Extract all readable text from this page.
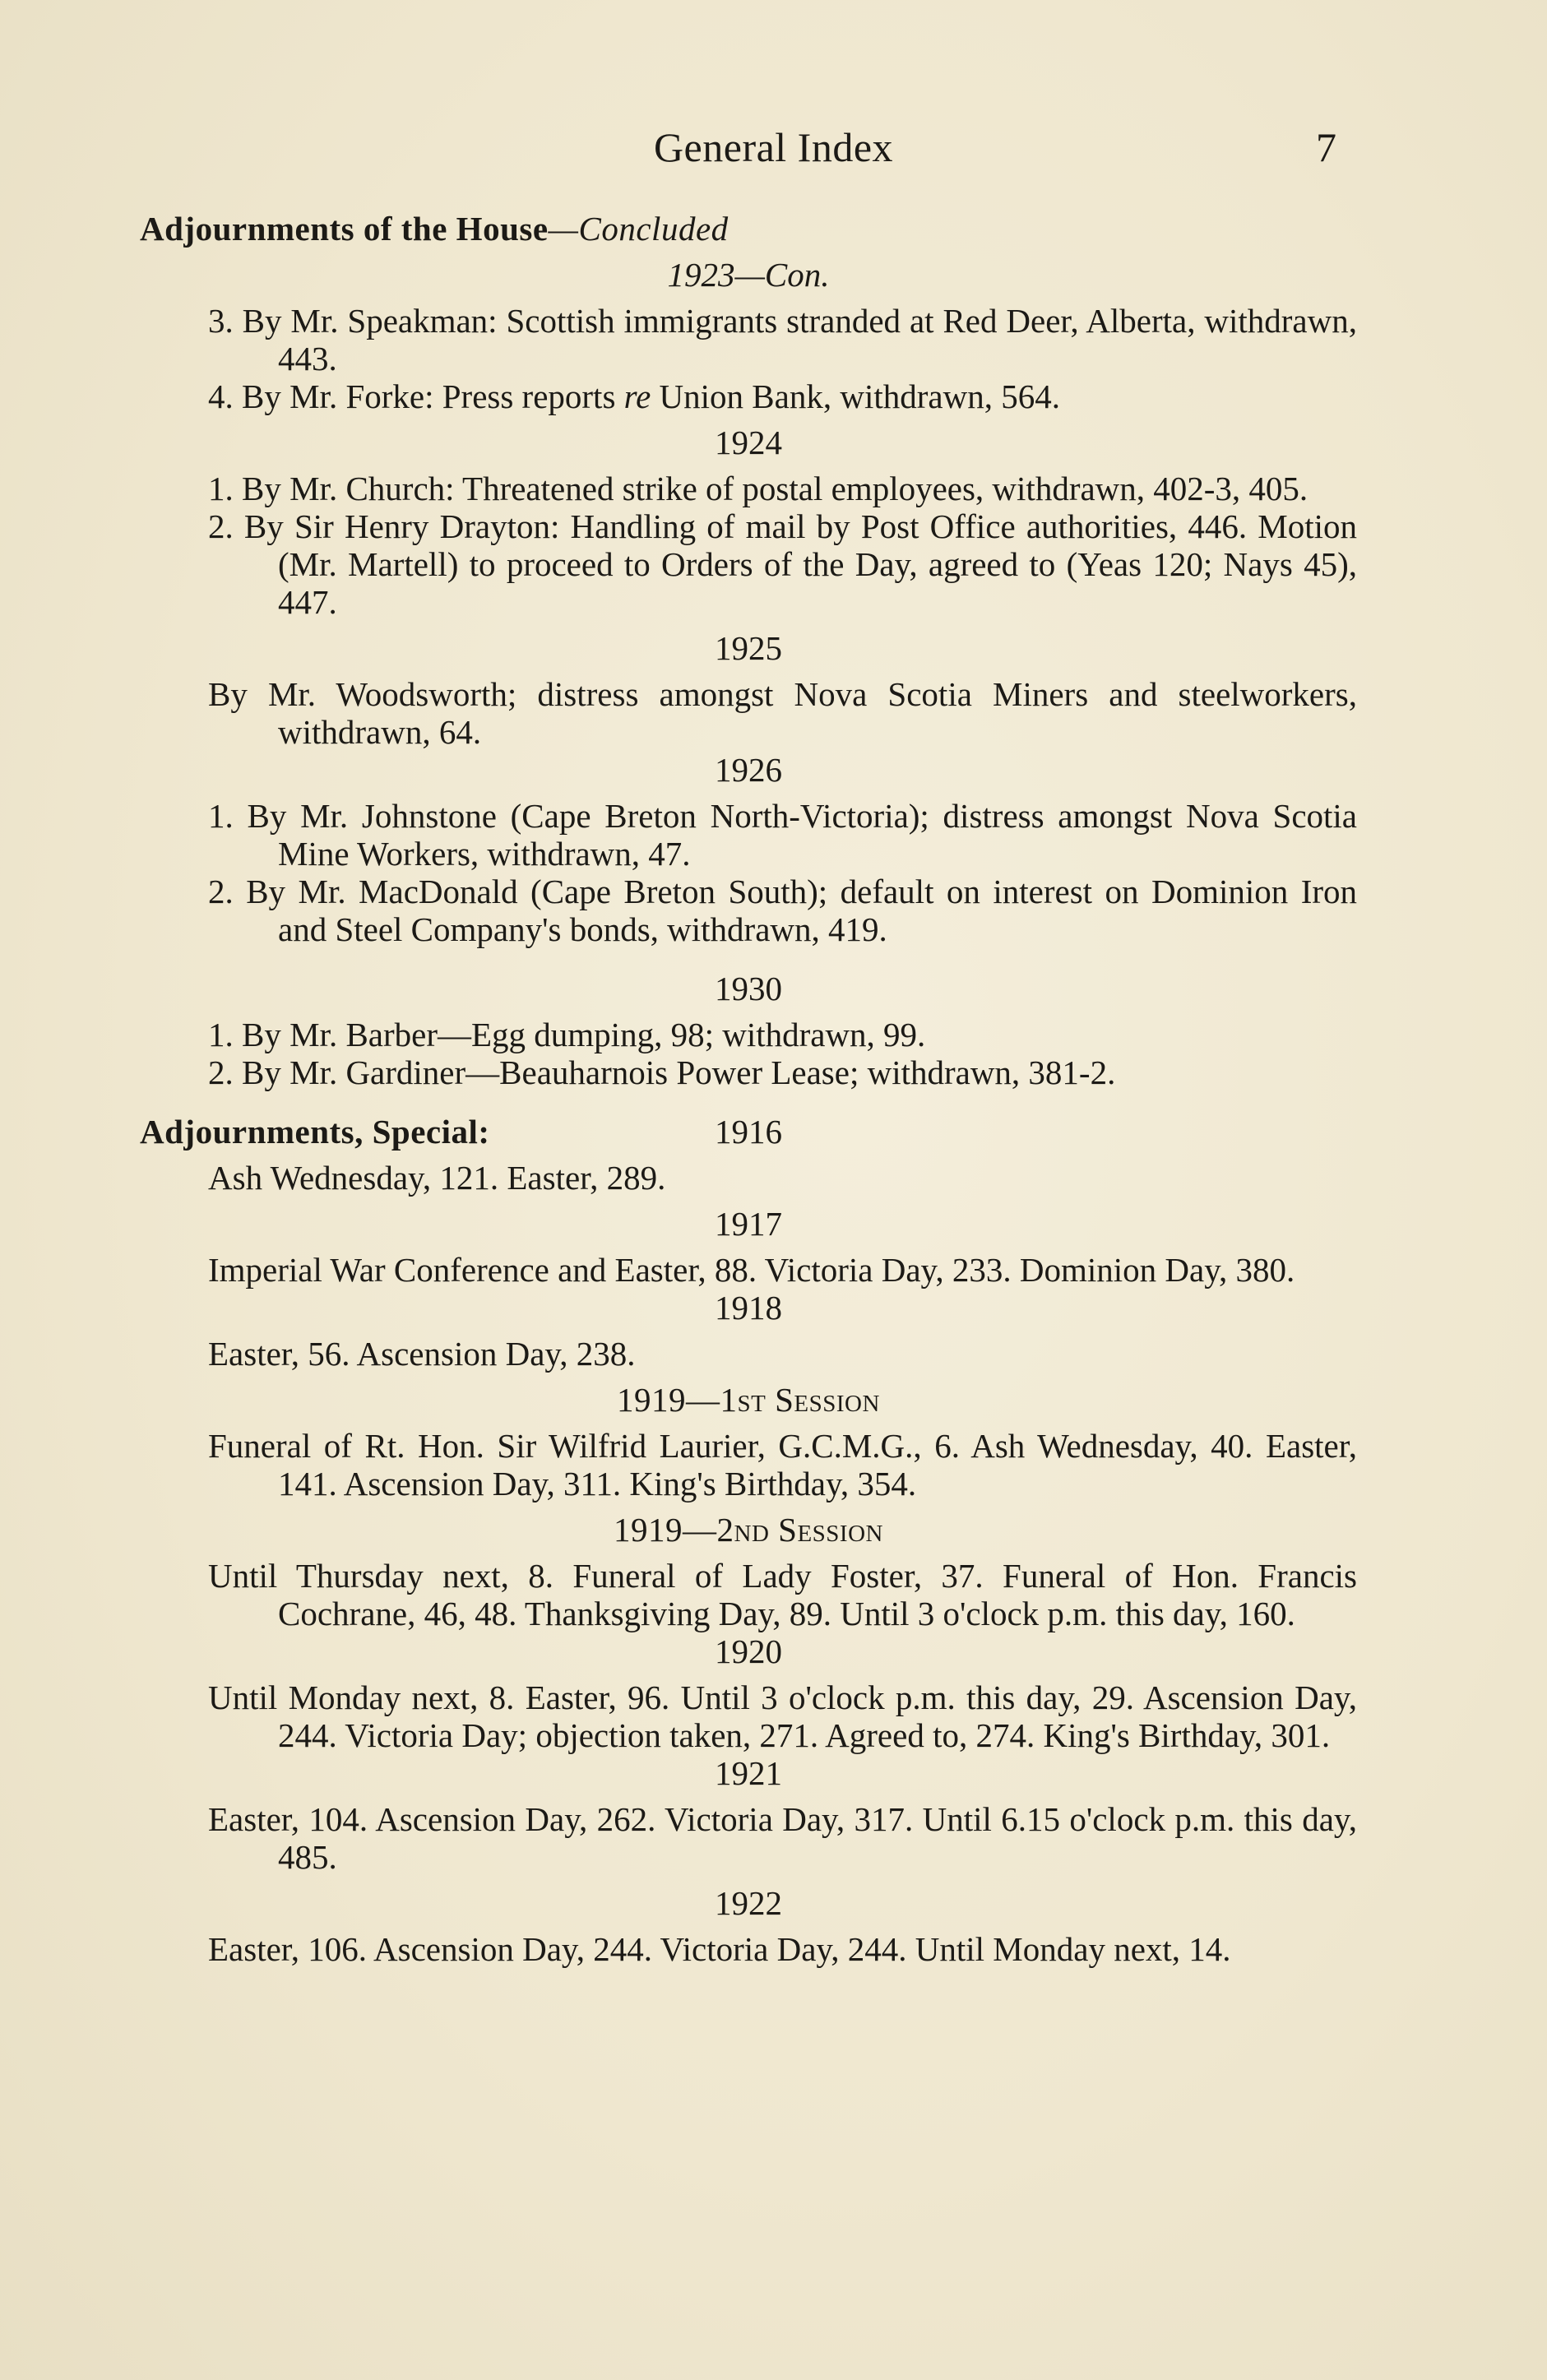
General Index	7
Adjournments of the House—Concluded
1923—Con.
3. By Mr. Speakman: Scottish immigrants stranded at Red Deer, Alberta, withdrawn, 443.
4. By Mr. Forke: Press reports re Union Bank, withdrawn, 564.
1924
1. By Mr. Church: Threatened strike of postal employees, withdrawn, 402-3, 405.
2. By Sir Henry Drayton: Handling of mail by Post Office authorities, 446. Motion (Mr. Martell) to proceed to Orders of the Day, agreed to (Yeas 120; Nays 45), 447.
1925
By Mr. Woodsworth; distress amongst Nova Scotia Miners and steelworkers, withdrawn, 64.
1926
1. By Mr. Johnstone (Cape Breton North-Victoria); distress amongst Nova Scotia Mine Workers, withdrawn, 47.
2. By Mr. MacDonald (Cape Breton South); default on interest on Dominion Iron and Steel Company's bonds, withdrawn, 419.
1930
1. By Mr. Barber—Egg dumping, 98; withdrawn, 99.
2. By Mr. Gardiner—Beauharnois Power Lease; withdrawn, 381-2.
Adjournments, Special:	1916
Ash Wednesday, 121. Easter, 289.
1917
Imperial War Conference and Easter, 88. Victoria Day, 233. Dominion Day, 380.
1918
Easter, 56. Ascension Day, 238.
1919—1st Session
Funeral of Rt. Hon. Sir Wilfrid Laurier, G.C.M.G., 6. Ash Wednesday, 40. Easter, 141. Ascension Day, 311. King's Birthday, 354.
1919—2nd Session
Until Thursday next, 8. Funeral of Lady Foster, 37. Funeral of Hon. Francis Cochrane, 46, 48. Thanksgiving Day, 89. Until 3 o'clock p.m. this day, 160.
1920
Until Monday next, 8. Easter, 96. Until 3 o'clock p.m. this day, 29. Ascension Day, 244. Victoria Day; objection taken, 271. Agreed to, 274. King's Birthday, 301.
1921
Easter, 104. Ascension Day, 262. Victoria Day, 317. Until 6.15 o'clock p.m. this day, 485.
1922
Easter, 106. Ascension Day, 244. Victoria Day, 244. Until Monday next, 14.
